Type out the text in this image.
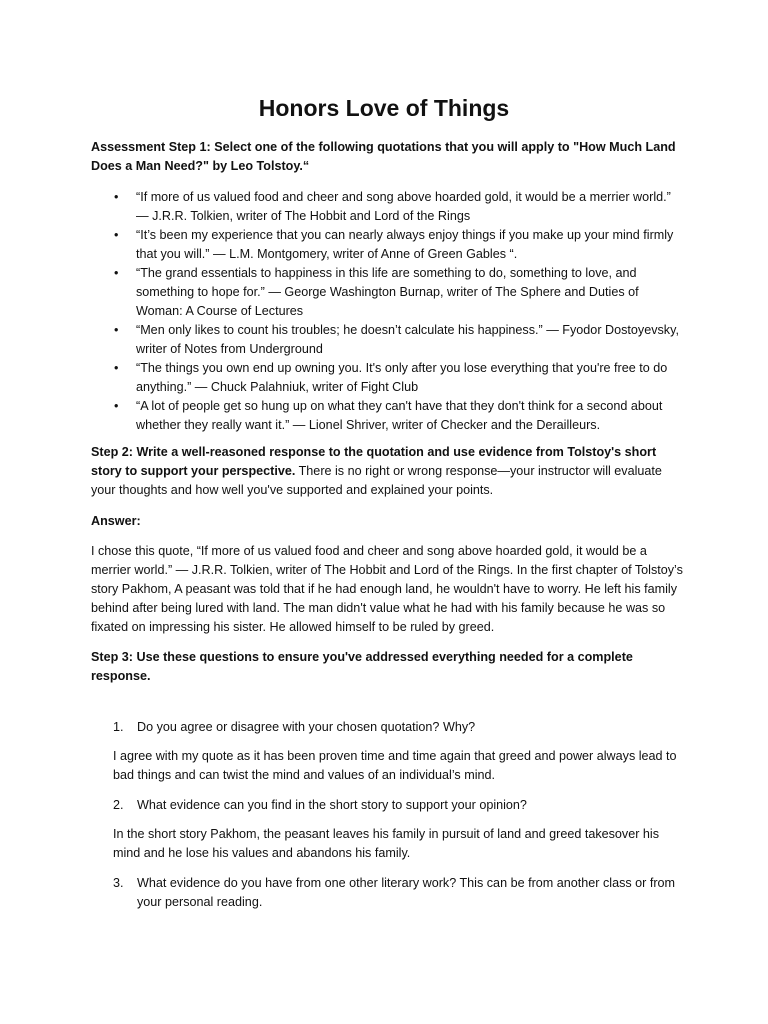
Honors Love of Things

Assessment Step 1: Select one of the following quotations that you will apply to "How Much Land Does a Man Need?" by Leo Tolstoy.“

• “If more of us valued food and cheer and song above hoarded gold, it would be a merrier world.” — J.R.R. Tolkien, writer of The Hobbit and Lord of the Rings
• “It’s been my experience that you can nearly always enjoy things if you make up your mind firmly that you will.” — L.M. Montgomery, writer of Anne of Green Gables “.
• “The grand essentials to happiness in this life are something to do, something to love, and something to hope for.” — George Washington Burnap, writer of The Sphere and Duties of Woman: A Course of Lectures
• “Men only likes to count his troubles; he doesn’t calculate his happiness.” — Fyodor Dostoyevsky, writer of Notes from Underground
• “The things you own end up owning you. It's only after you lose everything that you're free to do anything.” — Chuck Palahniuk, writer of Fight Club
• “A lot of people get so hung up on what they can't have that they don't think for a second about whether they really want it.” — Lionel Shriver, writer of Checker and the Derailleurs.

Step 2: Write a well-reasoned response to the quotation and use evidence from Tolstoy's short story to support your perspective. There is no right or wrong response—your instructor will evaluate your thoughts and how well you've supported and explained your points.

Answer:

I chose this quote, “If more of us valued food and cheer and song above hoarded gold, it would be a merrier world.” — J.R.R. Tolkien, writer of The Hobbit and Lord of the Rings. In the first chapter of Tolstoy’s story Pakhom, A peasant was told that if he had enough land, he wouldn't have to worry. He left his family behind after being lured with land. The man didn't value what he had with his family because he was so fixated on impressing his sister. He allowed himself to be ruled by greed.

Step 3: Use these questions to ensure you've addressed everything needed for a complete response.

1. Do you agree or disagree with your chosen quotation? Why?

I agree with my quote as it has been proven time and time again that greed and power always lead to bad things and can twist the mind and values of an individual’s mind.

2. What evidence can you find in the short story to support your opinion?

In the short story Pakhom, the peasant leaves his family in pursuit of land and greed takesover his mind and he lose his values and abandons his family.

3. What evidence do you have from one other literary work? This can be from another class or from your personal reading.
